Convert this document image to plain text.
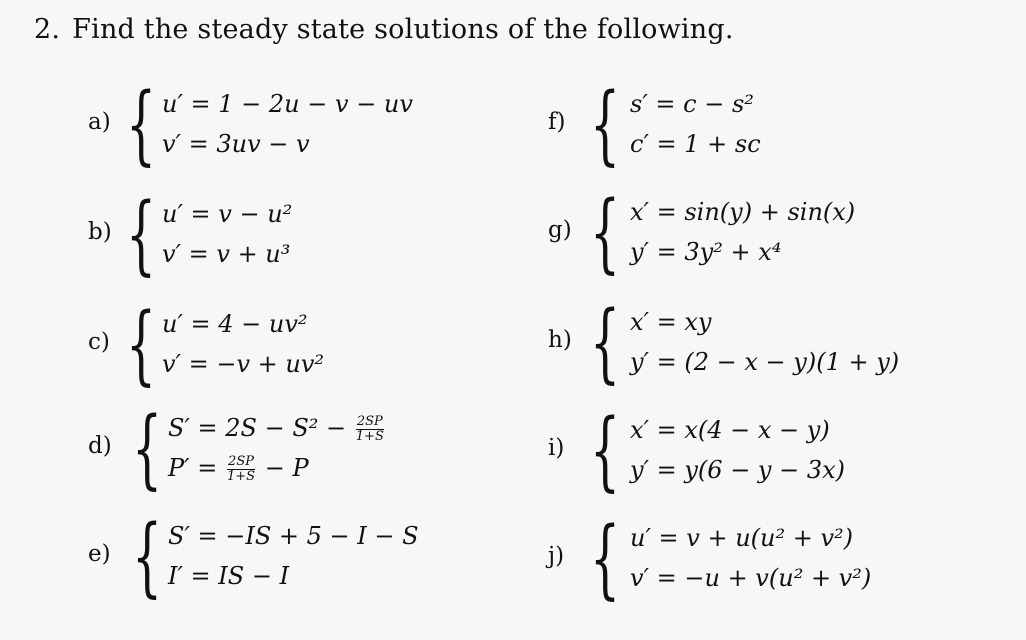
2. Find the steady state solutions of the following.
a) { u′ = 1 − 2u − v − uv
v′ = 3uv − v
b) { u′ = v − u²
v′ = v + u³
c) { u′ = 4 − uv²
v′ = −v + uv²
d) { $S' = 2S - S^2 - \frac{2SP}{1+S}$
$P' = \frac{2SP}{1+S} - P$
e) { S′ = −IS + 5 − I − S
I′ = IS − I
f) { s′ = c − s²
c′ = 1 + sc
g) { x′ = sin(y) + sin(x)
y′ = 3y² + x⁴
h) { x′ = xy
y′ = (2 − x − y)(1 + y)
i) { x′ = x(4 − x − y)
y′ = y(6 − y − 3x)
j) { u′ = v + u(u² + v²)
v′ = −u + v(u² + v²)
